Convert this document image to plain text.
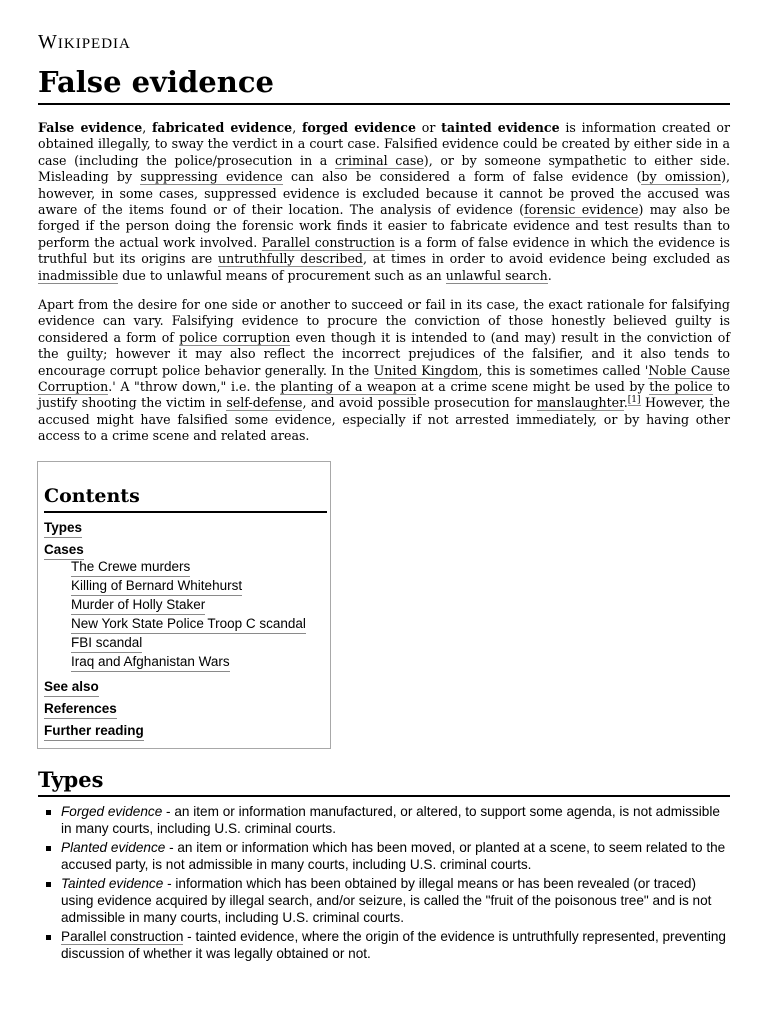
WIKIPEDIA
False evidence

False evidence, fabricated evidence, forged evidence or tainted evidence is information created or obtained illegally, to sway the verdict in a court case. Falsified evidence could be created by either side in a case (including the police/prosecution in a criminal case), or by someone sympathetic to either side. Misleading by suppressing evidence can also be considered a form of false evidence (by omission), however, in some cases, suppressed evidence is excluded because it cannot be proved the accused was aware of the items found or of their location. The analysis of evidence (forensic evidence) may also be forged if the person doing the forensic work finds it easier to fabricate evidence and test results than to perform the actual work involved. Parallel construction is a form of false evidence in which the evidence is truthful but its origins are untruthfully described, at times in order to avoid evidence being excluded as inadmissible due to unlawful means of procurement such as an unlawful search.

Apart from the desire for one side or another to succeed or fail in its case, the exact rationale for falsifying evidence can vary. Falsifying evidence to procure the conviction of those honestly believed guilty is considered a form of police corruption even though it is intended to (and may) result in the conviction of the guilty; however it may also reflect the incorrect prejudices of the falsifier, and it also tends to encourage corrupt police behavior generally. In the United Kingdom, this is sometimes called 'Noble Cause Corruption.' A "throw down," i.e. the planting of a weapon at a crime scene might be used by the police to justify shooting the victim in self-defense, and avoid possible prosecution for manslaughter.[1] However, the accused might have falsified some evidence, especially if not arrested immediately, or by having other access to a crime scene and related areas.

Contents
Types
Cases
The Crewe murders
Killing of Bernard Whitehurst
Murder of Holly Staker
New York State Police Troop C scandal
FBI scandal
Iraq and Afghanistan Wars
See also
References
Further reading
Types
Forged evidence - an item or information manufactured, or altered, to support some agenda, is not admissible in many courts, including U.S. criminal courts.
Planted evidence - an item or information which has been moved, or planted at a scene, to seem related to the accused party, is not admissible in many courts, including U.S. criminal courts.
Tainted evidence - information which has been obtained by illegal means or has been revealed (or traced) using evidence acquired by illegal search, and/or seizure, is called the "fruit of the poisonous tree" and is not admissible in many courts, including U.S. criminal courts.
Parallel construction - tainted evidence, where the origin of the evidence is untruthfully represented, preventing discussion of whether it was legally obtained or not.
